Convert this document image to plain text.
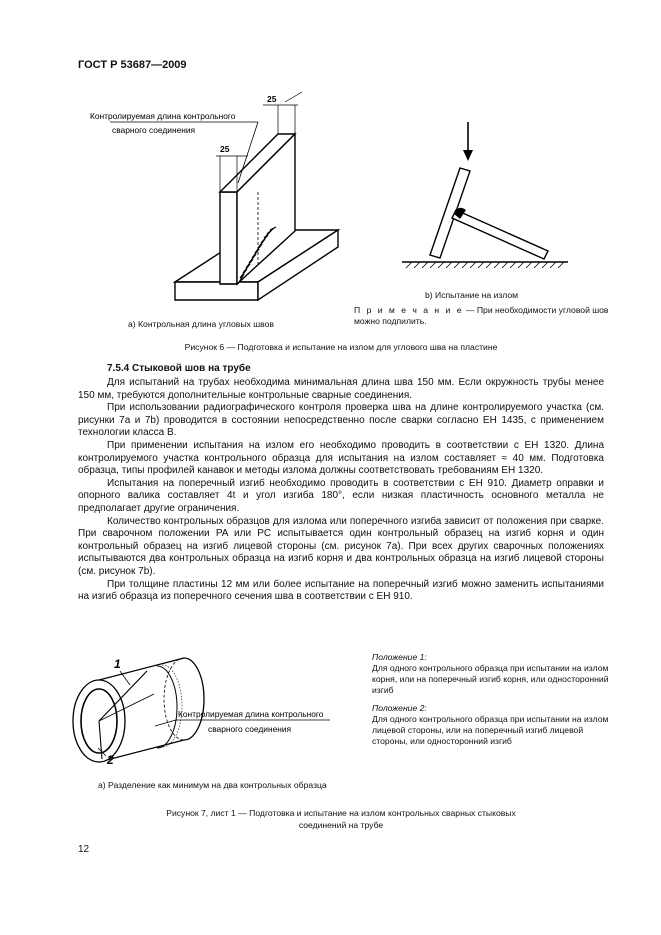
ГОСТ Р 53687—2009
Контролируемая длина контрольного
сварного соединения
25
25
b) Испытание на излом
П р и м е ч а н и е — При необходимости угловой шов можно подпилить.
a) Контрольная длина угловых швов
Рисунок 6 — Подготовка и испытание на излом для углового шва на пластине
7.5.4 Стыковой шов на трубе

Для испытаний на трубах необходима минимальная длина шва 150 мм. Если окружность трубы менее 150 мм, требуются дополнительные контрольные сварные соединения.

При использовании радиографического контроля проверка шва на длине контролируемого участка (см. рисунки 7а и 7b) проводится в состоянии непосредственно после сварки согласно ЕН 1435, с применением технологии класса В.

При применении испытания на излом его необходимо проводить в соответствии с ЕН 1320. Длина контролируемого участка контрольного образца для испытания на излом составляет ≈ 40 мм. Подготовка образца, типы профилей канавок и методы излома должны соответствовать требованиям ЕН 1320.

Испытания на поперечный изгиб необходимо проводить в соответствии с ЕН 910. Диаметр оправки и опорного валика составляет 4t и угол изгиба 180°, если низкая пластичность основного металла не предполагает другие ограничения.

Количество контрольных образцов для излома или поперечного изгиба зависит от положения при сварке. При сварочном положении PA или PC испытывается один контрольный образец на изгиб корня и один контрольный образец на изгиб лицевой стороны (см. рисунок 7а). При всех других сварочных положениях испытываются два контрольных образца на изгиб корня и два контрольных образца на изгиб лицевой стороны (см. рисунок 7b).

При толщине пластины 12 мм или более испытание на поперечный изгиб можно заменить испытаниями на изгиб образца из поперечного сечения шва в соответствии с ЕН 910.

1
2
Контролируемая длина контрольного
сварного соединения
Положение 1:
Для одного контрольного образца при испытании на излом корня, или на поперечный изгиб корня, или односторонний изгиб
Положение 2:
Для одного контрольного образца при испытании на излом лицевой стороны, или на поперечный изгиб лицевой стороны, или односторонний изгиб
a) Разделение как минимум на два контрольных образца
Рисунок 7, лист 1 — Подготовка и испытание на излом контрольных сварных стыковых
соединений на трубе
12
